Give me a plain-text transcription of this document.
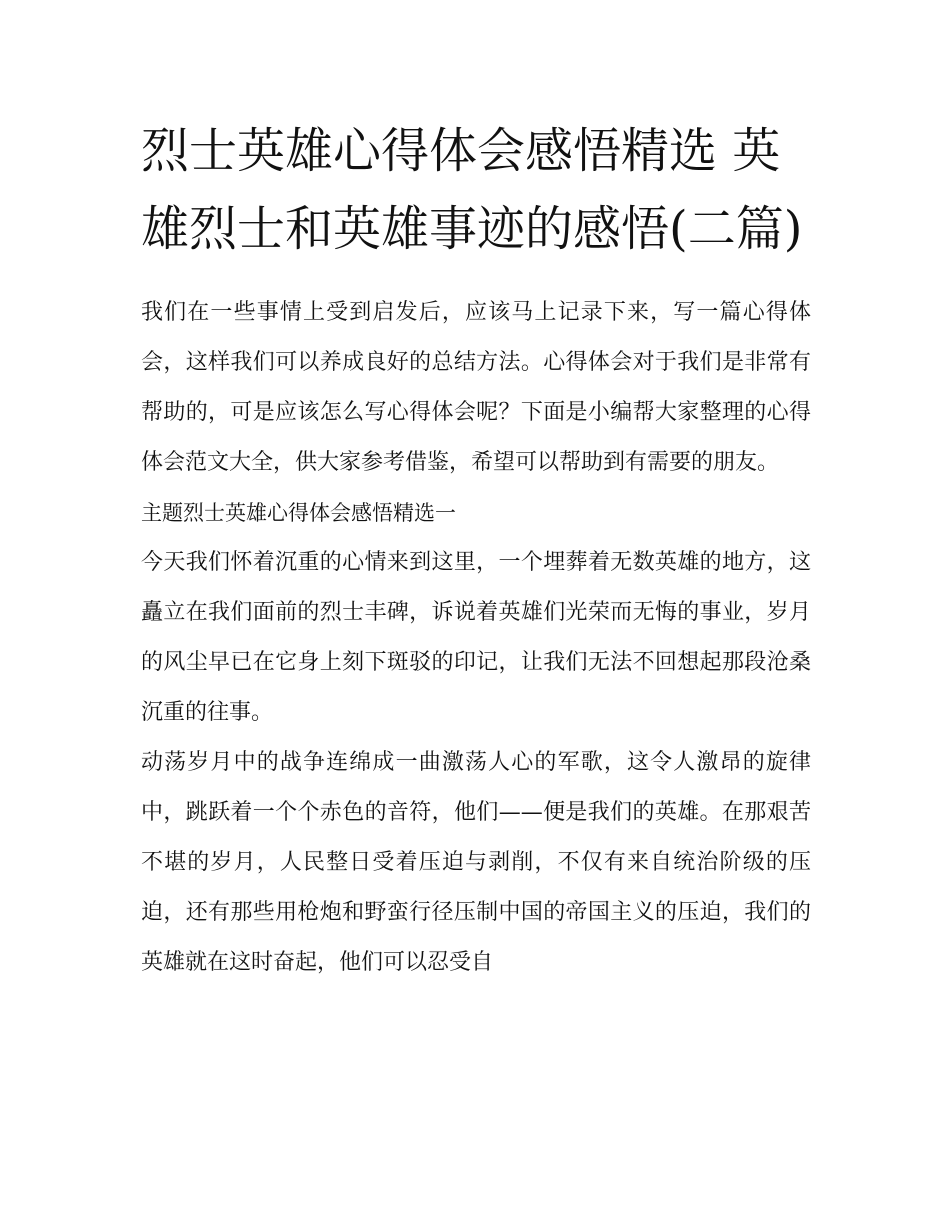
烈士英雄心得体会感悟精选 英雄烈士和英雄事迹的感悟(二篇)

我们在一些事情上受到启发后，应该马上记录下来，写一篇心得体会，这样我们可以养成良好的总结方法。心得体会对于我们是非常有帮助的，可是应该怎么写心得体会呢？下面是小编帮大家整理的心得体会范文大全，供大家参考借鉴，希望可以帮助到有需要的朋友。

主题烈士英雄心得体会感悟精选一

今天我们怀着沉重的心情来到这里，一个埋葬着无数英雄的地方，这矗立在我们面前的烈士丰碑，诉说着英雄们光荣而无悔的事业，岁月的风尘早已在它身上刻下斑驳的印记，让我们无法不回想起那段沧桑沉重的往事。

动荡岁月中的战争连绵成一曲激荡人心的军歌，这令人激昂的旋律中，跳跃着一个个赤色的音符，他们——便是我们的英雄。在那艰苦不堪的岁月，人民整日受着压迫与剥削，不仅有来自统治阶级的压迫，还有那些用枪炮和野蛮行径压制中国的帝国主义的压迫，我们的英雄就在这时奋起，他们可以忍受自
